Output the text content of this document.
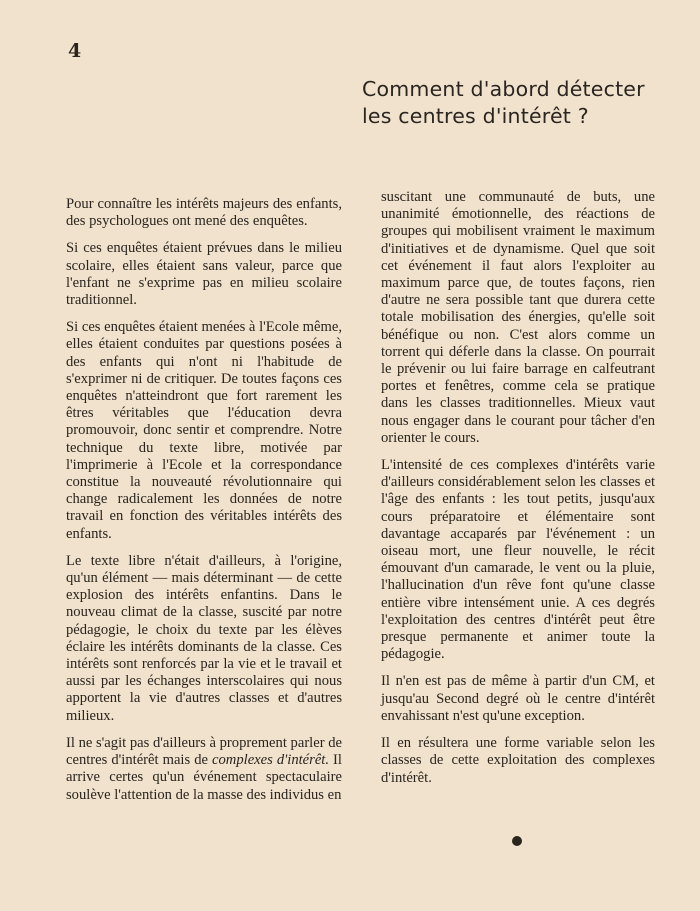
4
Comment d'abord détecter
les centres d'intérêt ?

Pour connaître les intérêts majeurs des enfants, des psychologues ont mené des enquêtes.

Si ces enquêtes étaient prévues dans le milieu scolaire, elles étaient sans valeur, parce que l'enfant ne s'exprime pas en milieu scolaire traditionnel.

Si ces enquêtes étaient menées à l'Ecole même, elles étaient conduites par questions posées à des enfants qui n'ont ni l'habitude de s'exprimer ni de critiquer. De toutes façons ces enquêtes n'atteindront que fort rarement les êtres véritables que l'éducation devra promouvoir, donc sentir et comprendre. Notre technique du texte libre, motivée par l'imprimerie à l'Ecole et la correspondance constitue la nouveauté révolutionnaire qui change radicalement les données de notre travail en fonction des véritables intérêts des enfants.

Le texte libre n'était d'ailleurs, à l'origine, qu'un élément — mais déterminant — de cette explosion des intérêts enfantins. Dans le nouveau climat de la classe, suscité par notre pédagogie, le choix du texte par les élèves éclaire les intérêts dominants de la classe. Ces intérêts sont renforcés par la vie et le travail et aussi par les échanges interscolaires qui nous apportent la vie d'autres classes et d'autres milieux.

Il ne s'agit pas d'ailleurs à proprement parler de centres d'intérêt mais de complexes d'intérêt. Il arrive certes qu'un événement spectaculaire soulève l'attention de la masse des individus en

suscitant une communauté de buts, une unanimité émotionnelle, des réactions de groupes qui mobilisent vraiment le maximum d'initiatives et de dynamisme. Quel que soit cet événement il faut alors l'exploiter au maximum parce que, de toutes façons, rien d'autre ne sera possible tant que durera cette totale mobilisation des énergies, qu'elle soit bénéfique ou non. C'est alors comme un torrent qui déferle dans la classe. On pourrait le prévenir ou lui faire barrage en calfeutrant portes et fenêtres, comme cela se pratique dans les classes traditionnelles. Mieux vaut nous engager dans le courant pour tâcher d'en orienter le cours.

L'intensité de ces complexes d'intérêts varie d'ailleurs considérablement selon les classes et l'âge des enfants : les tout petits, jusqu'aux cours préparatoire et élémentaire sont davantage accaparés par l'événement : un oiseau mort, une fleur nouvelle, le récit émouvant d'un camarade, le vent ou la pluie, l'hallucination d'un rêve font qu'une classe entière vibre intensément unie. A ces degrés l'exploitation des centres d'intérêt peut être presque permanente et animer toute la pédagogie.

Il n'en est pas de même à partir d'un CM, et jusqu'au Second degré où le centre d'intérêt envahissant n'est qu'une exception.

Il en résultera une forme variable selon les classes de cette exploitation des complexes d'intérêt.
